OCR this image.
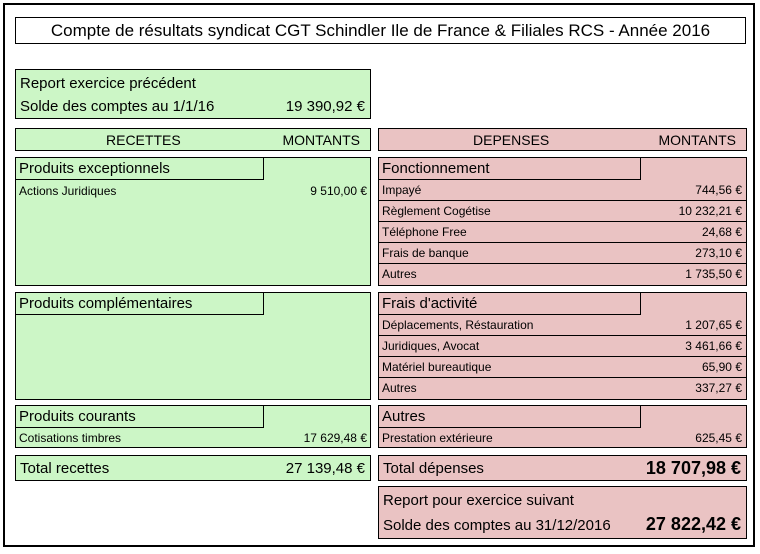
Compte de résultats syndicat CGT Schindler Ile de France & Filiales RCS - Année 2016
Report exercice précédent
Solde des comptes au 1/1/16	19 390,92 €
RECETTES	MONTANTS	DEPENSES	MONTANTS
Produits exceptionnels
Actions Juridiques	9 510,00 €
Produits complémentaires
Produits courants
Cotisations timbres	17 629,48 €
Total recettes	27 139,48 €
Fonctionnement
Impayé	744,56 €
Règlement Cogétise	10 232,21 €
Téléphone Free	24,68 €
Frais de banque	273,10 €
Autres	1 735,50 €
Frais d'activité
Déplacements, Réstauration	1 207,65 €
Juridiques, Avocat	3 461,66 €
Matériel bureautique	65,90 €
Autres	337,27 €
Autres
Prestation extérieure	625,45 €
Total dépenses	18 707,98 €
Report pour exercice suivant
Solde des comptes au 31/12/2016 27 822,42 €
